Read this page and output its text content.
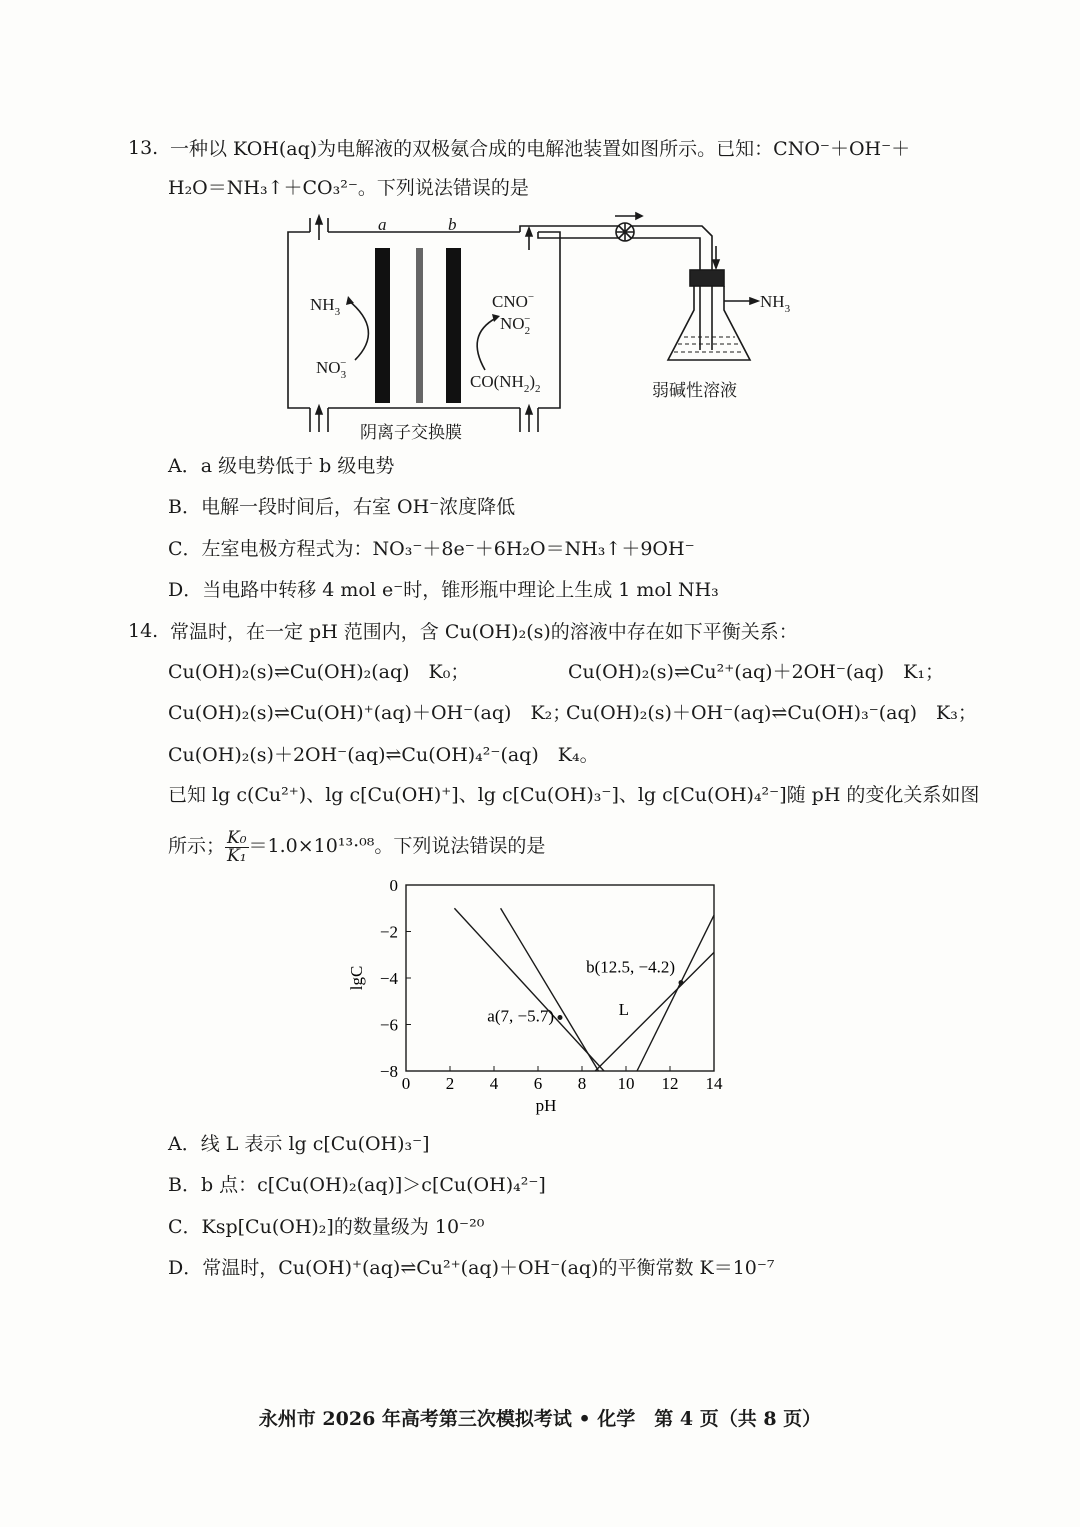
13. 一种以 KOH(aq)为电解液的双极氨合成的电解池装置如图所示。已知：CNO⁻＋OH⁻＋
H₂O＝NH₃↑＋CO₃²⁻。下列说法错误的是
a	b
$NH_3$
$NO_3-$
CNO−
$NO_2-$
$CO(NH_2)_2$
$NH_3$
弱碱性溶液
阴离子交换膜
A．a 级电势低于 b 级电势
B．电解一段时间后，右室 OH⁻浓度降低
C．左室电极方程式为：NO₃⁻＋8e⁻＋6H₂O＝NH₃↑＋9OH⁻
D．当电路中转移 4 mol e⁻时，锥形瓶中理论上生成 1 mol NH₃
14. 常温时，在一定 pH 范围内，含 Cu(OH)₂(s)的溶液中存在如下平衡关系：
Cu(OH)₂(s)⇌Cu(OH)₂(aq)　K₀；	Cu(OH)₂(s)⇌Cu²⁺(aq)＋2OH⁻(aq)　K₁；
Cu(OH)₂(s)⇌Cu(OH)⁺(aq)＋OH⁻(aq)　K₂；
Cu(OH)₂(s)＋OH⁻(aq)⇌Cu(OH)₃⁻(aq)　K₃；
Cu(OH)₂(s)＋2OH⁻(aq)⇌Cu(OH)₄²⁻(aq)　K₄。
已知 lg c(Cu²⁺)、lg c[Cu(OH)⁺]、lg c[Cu(OH)₃⁻]、lg c[Cu(OH)₄²⁻]随 pH 的变化关系如图
所示； $\frac{\text{K₀}}{\text{K₁}} =1.0\times 10^{13}\cdot^{08}$。下列说法错误的是
0 2 4 6 8 10 12 14
0
−2
−4
−6
−8
pH
lgC
a(7, −5.7)
b(12.5, −4.2)
L
A．线 L 表示 lg c[Cu(OH)₃⁻]
B．b 点：c[Cu(OH)₂(aq)]＞c[Cu(OH)₄²⁻]
C．Ksp[Cu(OH)₂]的数量级为 10⁻²⁰
D．常温时，Cu(OH)⁺(aq)⇌Cu²⁺(aq)＋OH⁻(aq)的平衡常数 K＝10⁻⁷
永州市 2026 年高考第三次模拟考试 • 化学　第 4 页（共 8 页）
